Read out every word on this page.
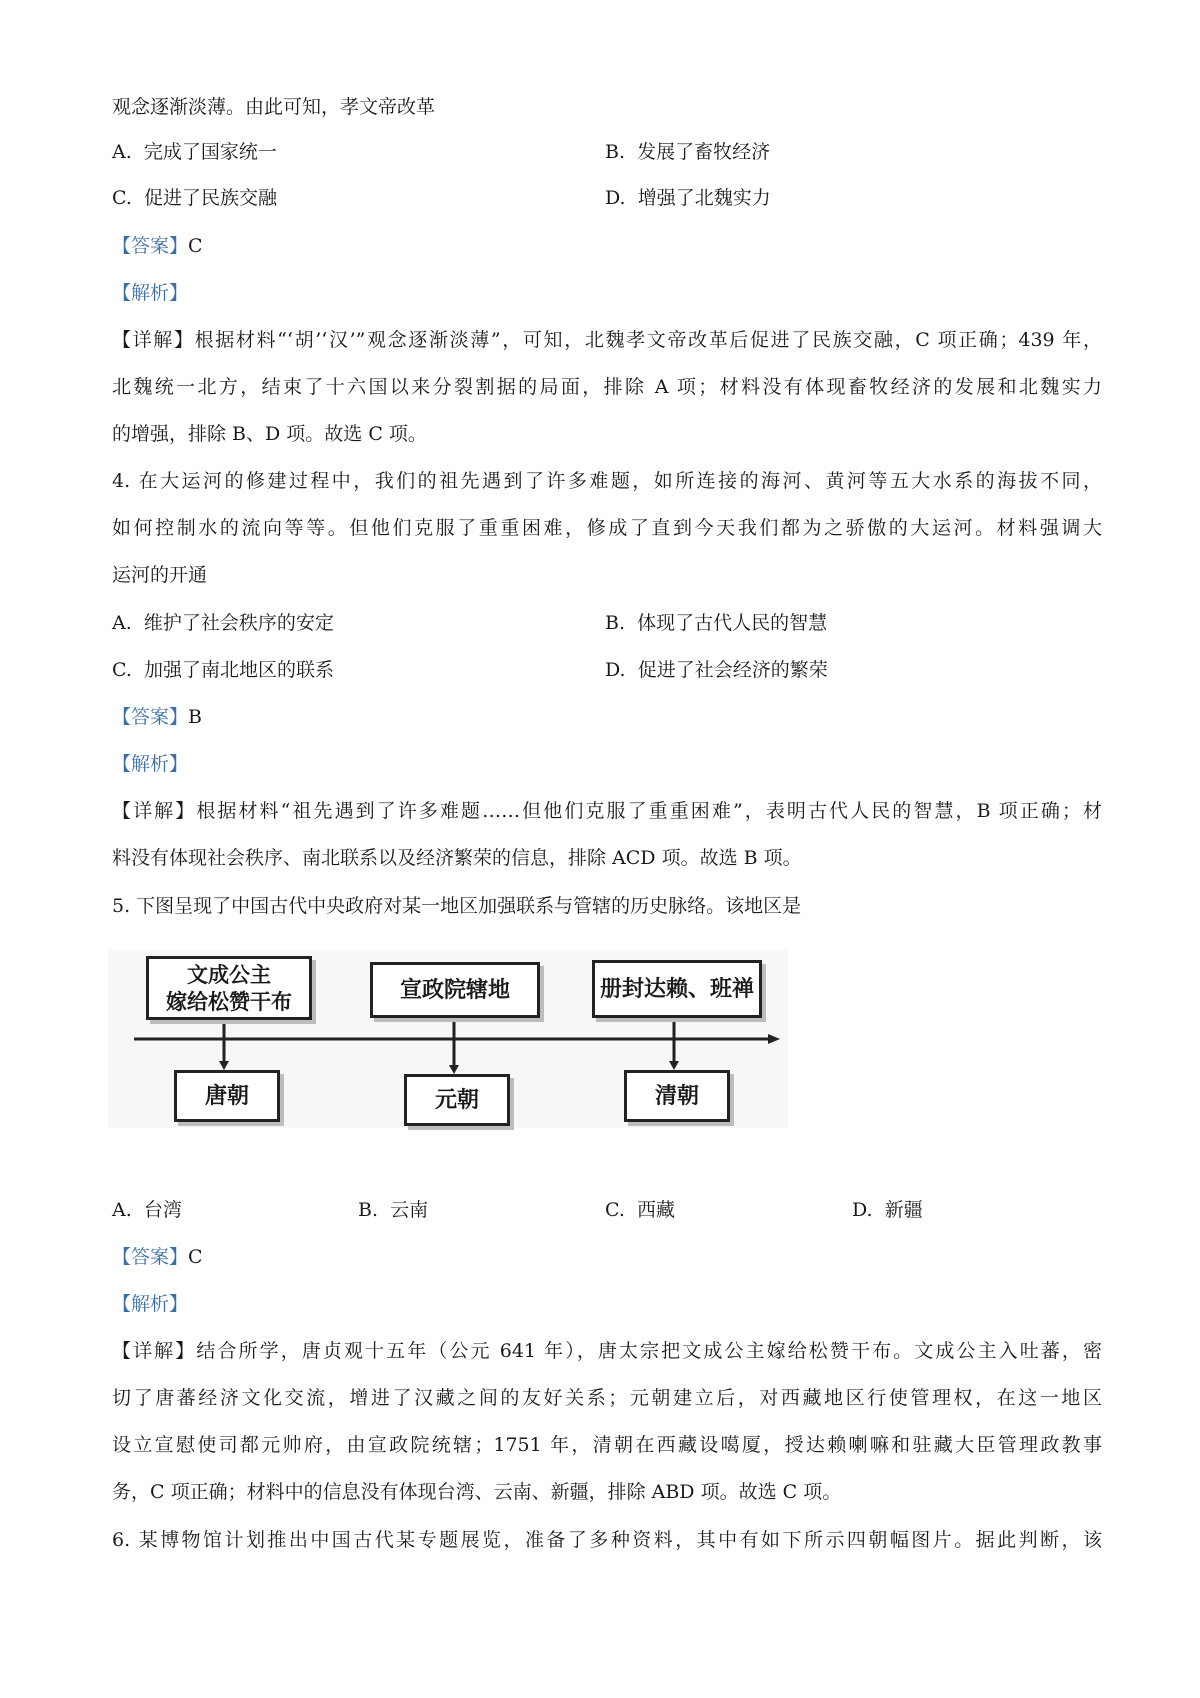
观念逐渐淡薄。由此可知，孝文帝改革
A. 完成了国家统一	B. 发展了畜牧经济
C. 促进了民族交融	D. 增强了北魏实力
【答案】C
【解析】
【详解】根据材料“‘胡’‘汉’”观念逐渐淡薄”，可知，北魏孝文帝改革后促进了民族交融，C 项正确；439 年，
北魏统一北方，结束了十六国以来分裂割据的局面，排除 A 项；材料没有体现畜牧经济的发展和北魏实力
的增强，排除 B、D 项。故选 C 项。
4. 在大运河的修建过程中，我们的祖先遇到了许多难题，如所连接的海河、黄河等五大水系的海拔不同，
如何控制水的流向等等。但他们克服了重重困难，修成了直到今天我们都为之骄傲的大运河。材料强调大
运河的开通
A. 维护了社会秩序的安定	B. 体现了古代人民的智慧
C. 加强了南北地区的联系	D. 促进了社会经济的繁荣
【答案】B
【解析】
【详解】根据材料“祖先遇到了许多难题……但他们克服了重重困难”，表明古代人民的智慧，B 项正确；材
料没有体现社会秩序、南北联系以及经济繁荣的信息，排除 ACD 项。故选 B 项。
5. 下图呈现了中国古代中央政府对某一地区加强联系与管辖的历史脉络。该地区是
文成公主
嫁给松赞干布	宣政院辖地	册封达赖、班禅
唐朝	元朝	清朝
A. 台湾	B. 云南	C. 西藏	D. 新疆
【答案】C
【解析】
【详解】结合所学，唐贞观十五年（公元 641 年），唐太宗把文成公主嫁给松赞干布。文成公主入吐蕃，密
切了唐蕃经济文化交流，增进了汉藏之间的友好关系；元朝建立后，对西藏地区行使管理权，在这一地区
设立宣慰使司都元帅府，由宣政院统辖；1751 年，清朝在西藏设噶厦，授达赖喇嘛和驻藏大臣管理政教事
务，C 项正确；材料中的信息没有体现台湾、云南、新疆，排除 ABD 项。故选 C 项。
6. 某博物馆计划推出中国古代某专题展览，准备了多种资料，其中有如下所示四朝幅图片。据此判断，该
